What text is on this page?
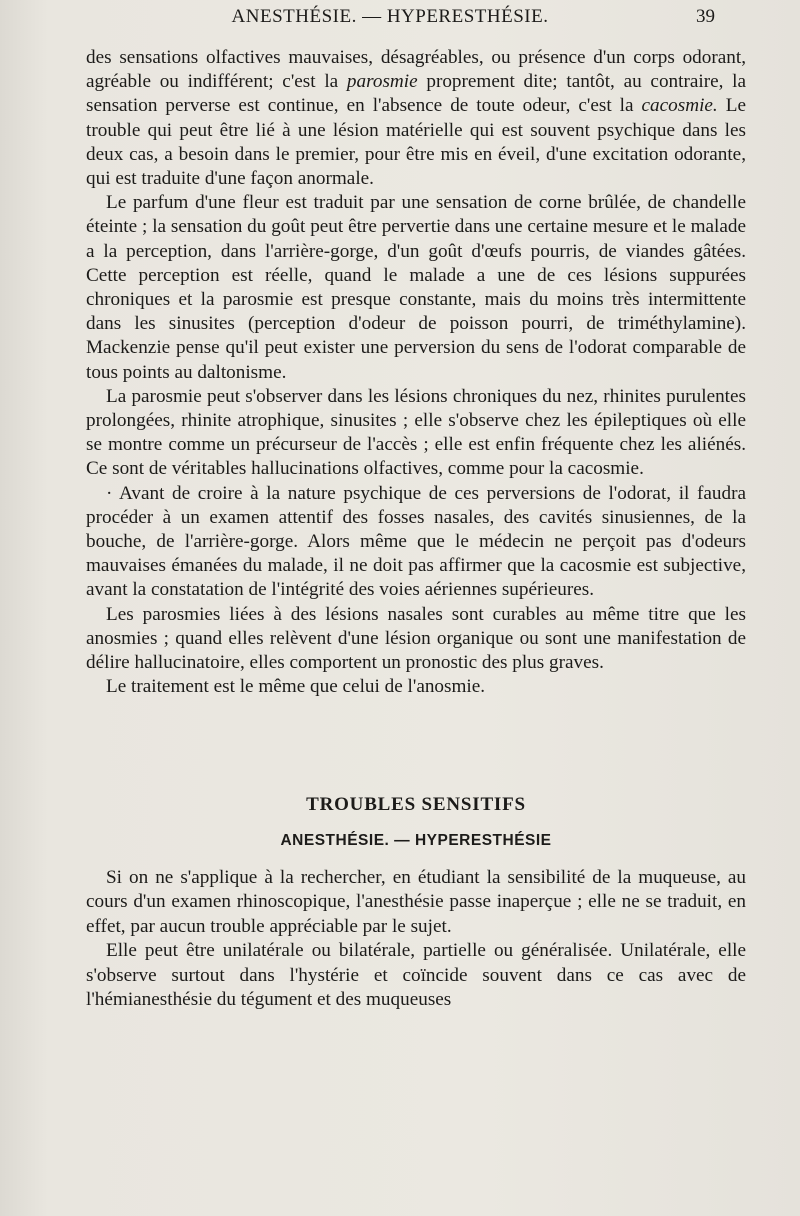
ANESTHÉSIE. — HYPERESTHÉSIE.	39

des sensations olfactives mauvaises, désagréables, ou présence d'un corps odorant, agréable ou indifférent; c'est la parosmie proprement dite; tantôt, au contraire, la sensation perverse est continue, en l'absence de toute odeur, c'est la cacosmie. Le trouble qui peut être lié à une lésion matérielle qui est souvent psychique dans les deux cas, a besoin dans le premier, pour être mis en éveil, d'une excitation odorante, qui est traduite d'une façon anormale.

Le parfum d'une fleur est traduit par une sensation de corne brûlée, de chandelle éteinte ; la sensation du goût peut être pervertie dans une certaine mesure et le malade a la perception, dans l'arrière-gorge, d'un goût d'œufs pourris, de viandes gâtées. Cette perception est réelle, quand le malade a une de ces lésions suppurées chroniques et la parosmie est presque constante, mais du moins très intermittente dans les sinusites (perception d'odeur de poisson pourri, de triméthylamine). Mackenzie pense qu'il peut exister une perversion du sens de l'odorat comparable de tous points au daltonisme.

La parosmie peut s'observer dans les lésions chroniques du nez, rhinites purulentes prolongées, rhinite atrophique, sinusites ; elle s'observe chez les épileptiques où elle se montre comme un précurseur de l'accès ; elle est enfin fréquente chez les aliénés. Ce sont de véritables hallucinations olfactives, comme pour la cacosmie.

· Avant de croire à la nature psychique de ces perversions de l'odorat, il faudra procéder à un examen attentif des fosses nasales, des cavités sinusiennes, de la bouche, de l'arrière-gorge. Alors même que le médecin ne perçoit pas d'odeurs mauvaises émanées du malade, il ne doit pas affirmer que la cacosmie est subjective, avant la constatation de l'intégrité des voies aériennes supérieures.

Les parosmies liées à des lésions nasales sont curables au même titre que les anosmies ; quand elles relèvent d'une lésion organique ou sont une manifestation de délire hallucinatoire, elles comportent un pronostic des plus graves.

Le traitement est le même que celui de l'anosmie.

TROUBLES SENSITIFS
ANESTHÉSIE. — HYPERESTHÉSIE

Si on ne s'applique à la rechercher, en étudiant la sensibilité de la muqueuse, au cours d'un examen rhinoscopique, l'anesthésie passe inaperçue ; elle ne se traduit, en effet, par aucun trouble appréciable par le sujet.

Elle peut être unilatérale ou bilatérale, partielle ou généralisée. Unilatérale, elle s'observe surtout dans l'hystérie et coïncide souvent dans ce cas avec de l'hémianesthésie du tégument et des muqueuses
